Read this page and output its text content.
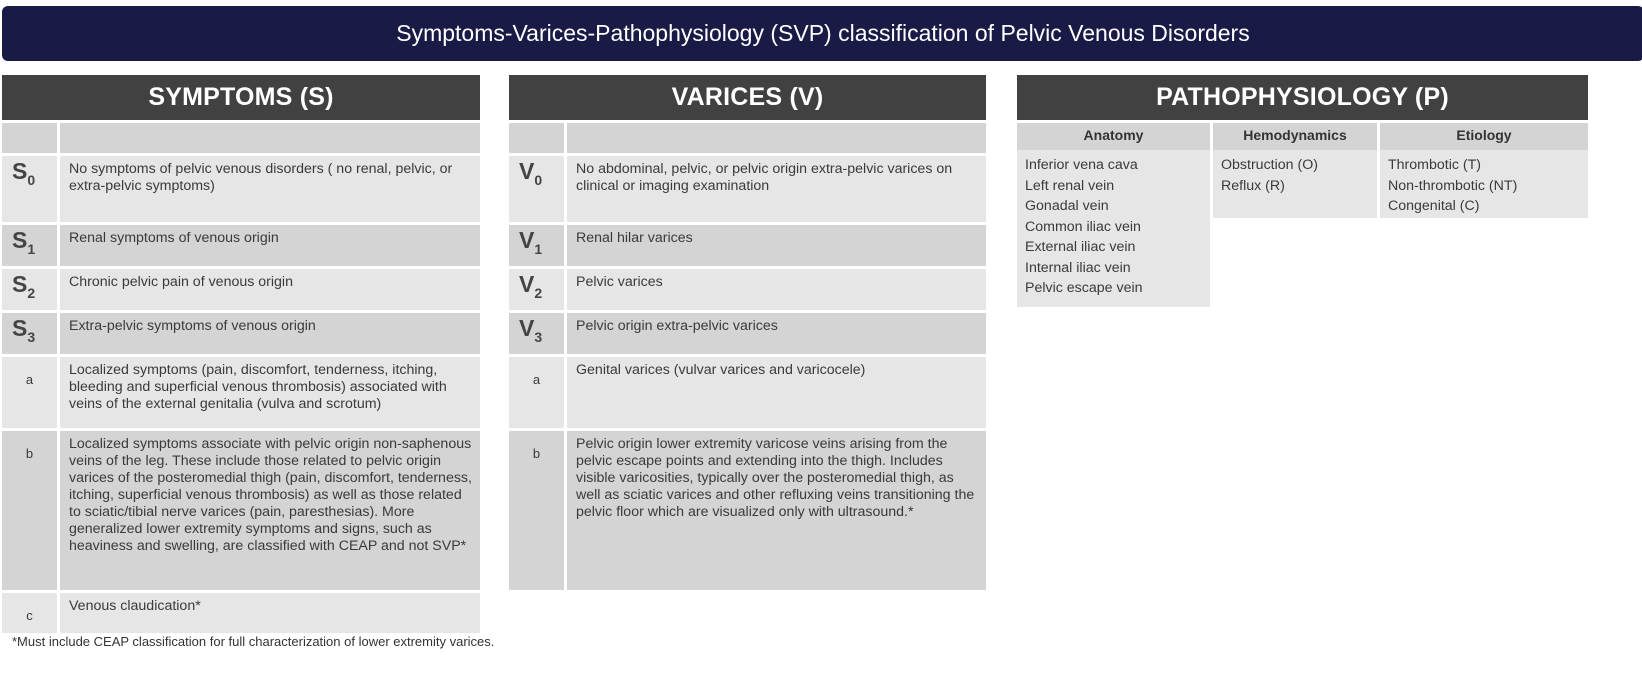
Symptoms-Varices-Pathophysiology (SVP) classification of Pelvic Venous Disorders
SYMPTOMS (S)
$S_0$
No symptoms of pelvic venous disorders ( no renal, pelvic, or extra-pelvic symptoms)
$S_1$
Renal symptoms of venous origin
$S_2$
Chronic pelvic pain of venous origin
$S_3$
Extra-pelvic symptoms of venous origin
a
Localized symptoms (pain, discomfort, tenderness, itching, bleeding and superficial venous thrombosis) associated with veins of the external genitalia (vulva and scrotum)
b
Localized symptoms associate with pelvic origin non-saphenous veins of the leg. These include those related to pelvic origin varices of the posteromedial thigh (pain, discomfort, tenderness, itching, superficial venous thrombosis) as well as those related to sciatic/tibial nerve varices (pain, paresthesias). More generalized lower extremity symptoms and signs, such as heaviness and swelling, are classified with CEAP and not SVP*
c
Venous claudication*
VARICES (V)
$V_0$
No abdominal, pelvic, or pelvic origin extra-pelvic varices on clinical or imaging examination
$V_1$
Renal hilar varices
$V_2$
Pelvic varices
$V_3$
Pelvic origin extra-pelvic varices
a
Genital varices (vulvar varices and varicocele)
b
Pelvic origin lower extremity varicose veins arising from the pelvic escape points and extending into the thigh. Includes visible varicosities, typically over the posteromedial thigh, as well as sciatic varices and other refluxing veins transitioning the pelvic floor which are visualized only with ultrasound.*
PATHOPHYSIOLOGY (P)
Anatomy	Hemodynamics	Etiology
Inferior vena cava
Left renal vein
Gonadal vein
Common iliac vein
External iliac vein
Internal iliac vein
Pelvic escape vein
Obstruction (O)
Reflux (R)
Thrombotic (T)
Non-thrombotic (NT)
Congenital (C)
*Must include CEAP classification for full characterization of lower extremity varices.
